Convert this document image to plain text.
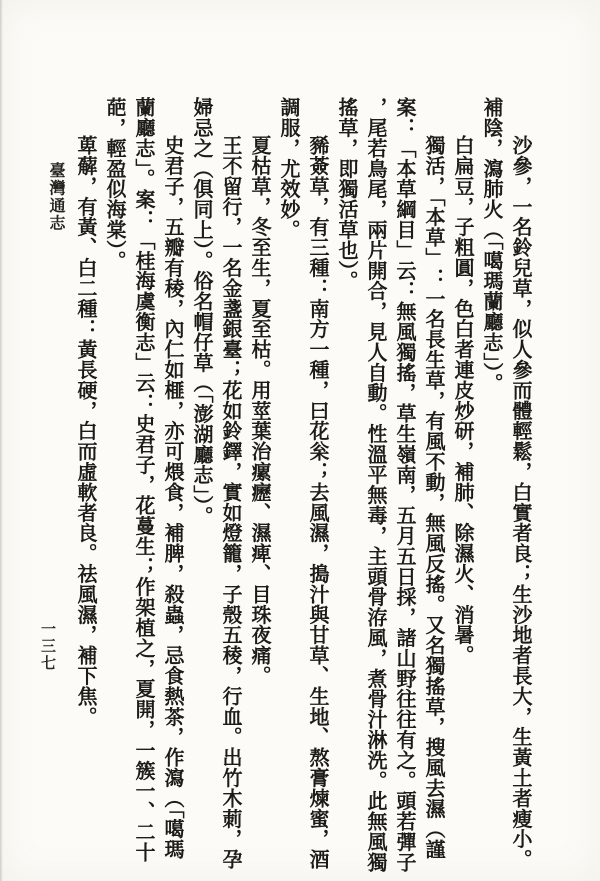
臺灣通志
一三七	沙參，一名鈴兒草，似人參而體輕鬆，白實者良；生沙地者長大，生黃土者瘦小。
補陰，瀉肺火（「噶瑪蘭廳志」）。
白扁豆，子粗圓，色白者連皮炒研，補肺、除濕火、消暑。
獨活，「本草」：一名長生草，有風不動，無風反搖。又名獨搖草，搜風去濕（謹
案：「本草綱目」云：無風獨搖，草生嶺南，五月五日採，諸山野往往有之。頭若彈子
，尾若鳥尾，兩片開合，見人自動。性溫平無毒，主頭骨洊風，煮骨汁淋洗。此無風獨
搖草，即獨活草也）。
豨薟草，有三種：南方一種，曰花枀；去風濕，搗汁與甘草、生地、熬膏煉蜜，酒
調服，尤效妙。
夏枯草，冬至生，夏至枯。用莖葉治瘰癧、濕痺、目珠夜痛。
王不留行，一名金盞銀臺；花如鈴鐸，實如燈籠，子殼五稜，行血。出竹木莿，孕
婦忌之（俱同上）。俗名帽仔草（「澎湖廳志」）。
史君子，五瓣有稜，內仁如榧，亦可煨食，補脾，殺蟲，忌食熱茶，作瀉（「噶瑪
蘭廳志」。案：「桂海虞衡志」云：史君子，花蔓生；作架植之，夏開，一簇一、二十
葩，輕盈似海棠）。
萆薢，有黃、白二種：黃長硬，白而虛軟者良。祛風濕，補下焦。
